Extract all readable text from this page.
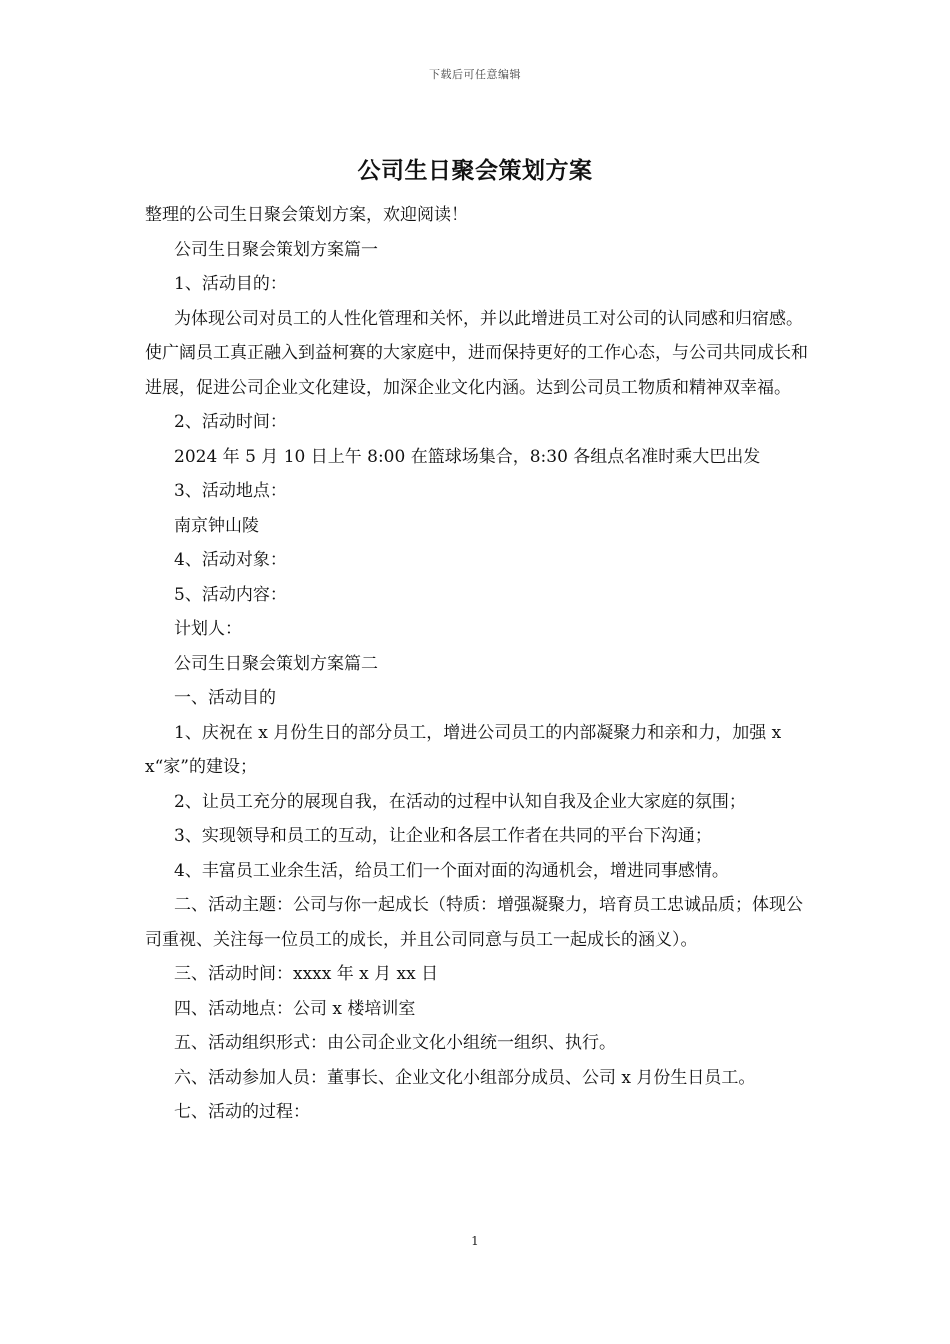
下载后可任意编辑
公司生日聚会策划方案

整理的公司生日聚会策划方案，欢迎阅读！

公司生日聚会策划方案篇一

1、活动目的：

为体现公司对员工的人性化管理和关怀，并以此增进员工对公司的认同感和归宿感。使广阔员工真正融入到益柯赛的大家庭中，进而保持更好的工作心态，与公司共同成长和进展，促进公司企业文化建设，加深企业文化内涵。达到公司员工物质和精神双幸福。

2、活动时间：

2024 年 5 月 10 日上午 8:00 在篮球场集合，8:30 各组点名准时乘大巴出发

3、活动地点：

南京钟山陵

4、活动对象：

5、活动内容：

计划人：

公司生日聚会策划方案篇二

一、活动目的

1、庆祝在 x 月份生日的部分员工，增进公司员工的内部凝聚力和亲和力，加强 xx“家”的建设；

2、让员工充分的展现自我，在活动的过程中认知自我及企业大家庭的氛围；

3、实现领导和员工的互动，让企业和各层工作者在共同的平台下沟通；

4、丰富员工业余生活，给员工们一个面对面的沟通机会，增进同事感情。

二、活动主题：公司与你一起成长（特质：增强凝聚力，培育员工忠诚品质；体现公司重视、关注每一位员工的成长，并且公司同意与员工一起成长的涵义）。

三、活动时间：xxxx 年 x 月 xx 日

四、活动地点：公司 x 楼培训室

五、活动组织形式：由公司企业文化小组统一组织、执行。

六、活动参加人员：董事长、企业文化小组部分成员、公司 x 月份生日员工。

七、活动的过程：

1
